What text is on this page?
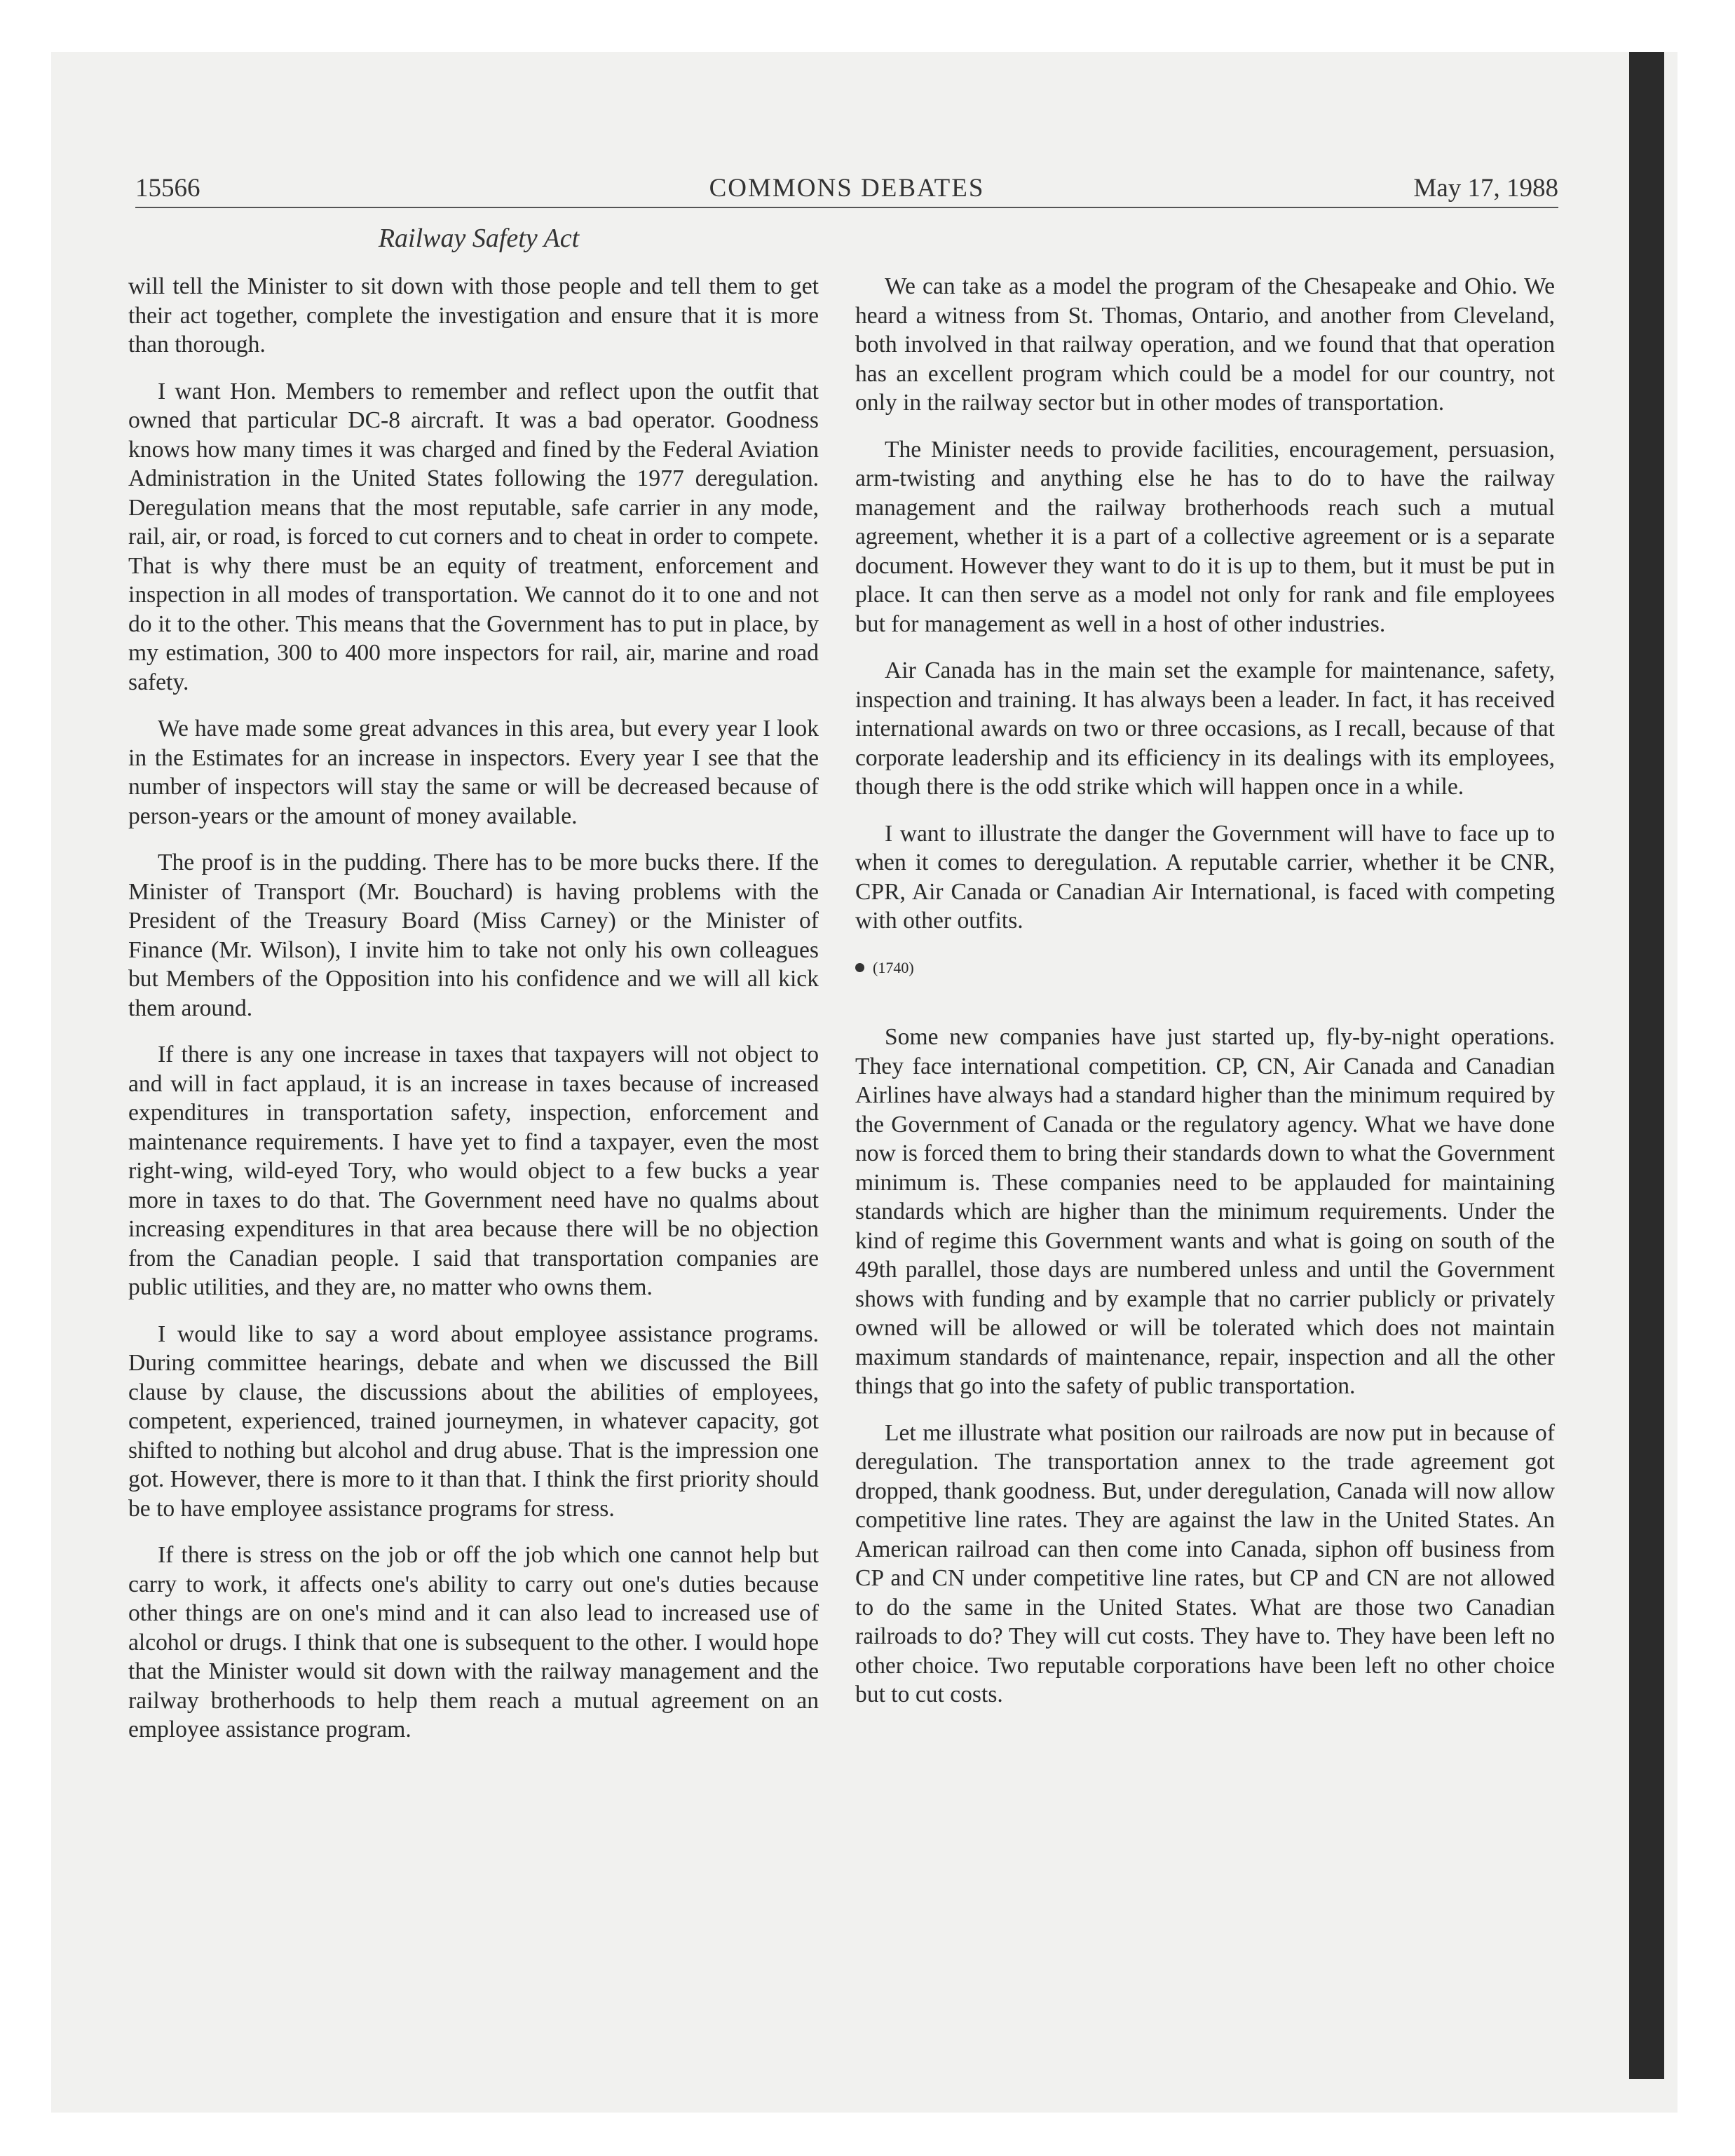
15566	COMMONS DEBATES	May 17, 1988
Railway Safety Act

will tell the Minister to sit down with those people and tell them to get their act together, complete the investigation and ensure that it is more than thorough.

I want Hon. Members to remember and reflect upon the outfit that owned that particular DC-8 aircraft. It was a bad operator. Goodness knows how many times it was charged and fined by the Federal Aviation Administration in the United States following the 1977 deregulation. Deregulation means that the most reputable, safe carrier in any mode, rail, air, or road, is forced to cut corners and to cheat in order to compete. That is why there must be an equity of treatment, enforcement and inspection in all modes of transportation. We cannot do it to one and not do it to the other. This means that the Government has to put in place, by my estimation, 300 to 400 more inspectors for rail, air, marine and road safety.

We have made some great advances in this area, but every year I look in the Estimates for an increase in inspectors. Every year I see that the number of inspectors will stay the same or will be decreased because of person-years or the amount of money available.

The proof is in the pudding. There has to be more bucks there. If the Minister of Transport (Mr. Bouchard) is having problems with the President of the Treasury Board (Miss Carney) or the Minister of Finance (Mr. Wilson), I invite him to take not only his own colleagues but Members of the Opposition into his confidence and we will all kick them around.

If there is any one increase in taxes that taxpayers will not object to and will in fact applaud, it is an increase in taxes because of increased expenditures in transportation safety, inspection, enforcement and maintenance requirements. I have yet to find a taxpayer, even the most right-wing, wild-eyed Tory, who would object to a few bucks a year more in taxes to do that. The Government need have no qualms about increasing expenditures in that area because there will be no objection from the Canadian people. I said that transportation companies are public utilities, and they are, no matter who owns them.

I would like to say a word about employee assistance programs. During committee hearings, debate and when we discussed the Bill clause by clause, the discussions about the abilities of employees, competent, experienced, trained journeymen, in whatever capacity, got shifted to nothing but alcohol and drug abuse. That is the impression one got. However, there is more to it than that. I think the first priority should be to have employee assistance programs for stress.

If there is stress on the job or off the job which one cannot help but carry to work, it affects one's ability to carry out one's duties because other things are on one's mind and it can also lead to increased use of alcohol or drugs. I think that one is subsequent to the other. I would hope that the Minister would sit down with the railway management and the railway brotherhoods to help them reach a mutual agreement on an employee assistance program.

We can take as a model the program of the Chesapeake and Ohio. We heard a witness from St. Thomas, Ontario, and another from Cleveland, both involved in that railway operation, and we found that that operation has an excellent program which could be a model for our country, not only in the railway sector but in other modes of transportation.

The Minister needs to provide facilities, encouragement, persuasion, arm-twisting and anything else he has to do to have the railway management and the railway brotherhoods reach such a mutual agreement, whether it is a part of a collective agreement or is a separate document. However they want to do it is up to them, but it must be put in place. It can then serve as a model not only for rank and file employees but for management as well in a host of other industries.

Air Canada has in the main set the example for maintenance, safety, inspection and training. It has always been a leader. In fact, it has received international awards on two or three occasions, as I recall, because of that corporate leadership and its efficiency in its dealings with its employees, though there is the odd strike which will happen once in a while.

I want to illustrate the danger the Government will have to face up to when it comes to deregulation. A reputable carrier, whether it be CNR, CPR, Air Canada or Canadian Air International, is faced with competing with other outfits.

(1740)

Some new companies have just started up, fly-by-night operations. They face international competition. CP, CN, Air Canada and Canadian Airlines have always had a standard higher than the minimum required by the Government of Canada or the regulatory agency. What we have done now is forced them to bring their standards down to what the Government minimum is. These companies need to be applauded for maintaining standards which are higher than the minimum requirements. Under the kind of regime this Government wants and what is going on south of the 49th parallel, those days are numbered unless and until the Government shows with funding and by example that no carrier publicly or privately owned will be allowed or will be tolerated which does not maintain maximum standards of maintenance, repair, inspection and all the other things that go into the safety of public transportation.

Let me illustrate what position our railroads are now put in because of deregulation. The transportation annex to the trade agreement got dropped, thank goodness. But, under deregulation, Canada will now allow competitive line rates. They are against the law in the United States. An American railroad can then come into Canada, siphon off business from CP and CN under competitive line rates, but CP and CN are not allowed to do the same in the United States. What are those two Canadian railroads to do? They will cut costs. They have to. They have been left no other choice. Two reputable corporations have been left no other choice but to cut costs.
